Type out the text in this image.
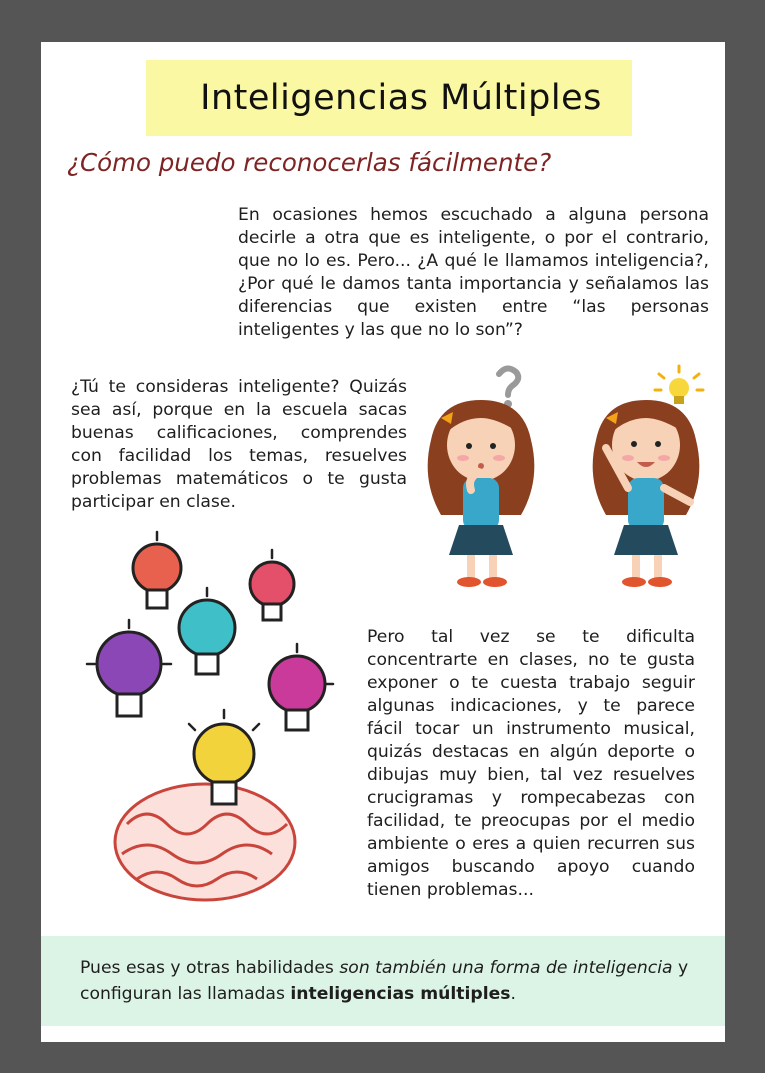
Inteligencias Múltiples
¿Cómo puedo reconocerlas fácilmente?

En ocasiones hemos escuchado a alguna persona decirle a otra que es inteligente, o por el contrario, que no lo es. Pero... ¿A qué le llamamos inteligencia?, ¿Por qué le damos tanta importancia y señalamos las diferencias que existen entre “las personas inteligentes y las que no lo son”?

¿Tú te consideras inteligente? Quizás sea así, porque en la escuela sacas buenas calificaciones, comprendes con facilidad los temas, resuelves problemas matemáticos o te gusta participar en clase.

Pero tal vez se te dificulta concentrarte en clases, no te gusta exponer o te cuesta trabajo seguir algunas indicaciones, y te parece fácil tocar un instrumento musical, quizás destacas en algún deporte o dibujas muy bien, tal vez resuelves crucigramas y rompecabezas con facilidad, te preocupas por el medio ambiente o eres a quien recurren sus amigos buscando apoyo cuando tienen problemas...

Pues esas y otras habilidades son también una forma de inteligencia y configuran las llamadas inteligencias múltiples.
